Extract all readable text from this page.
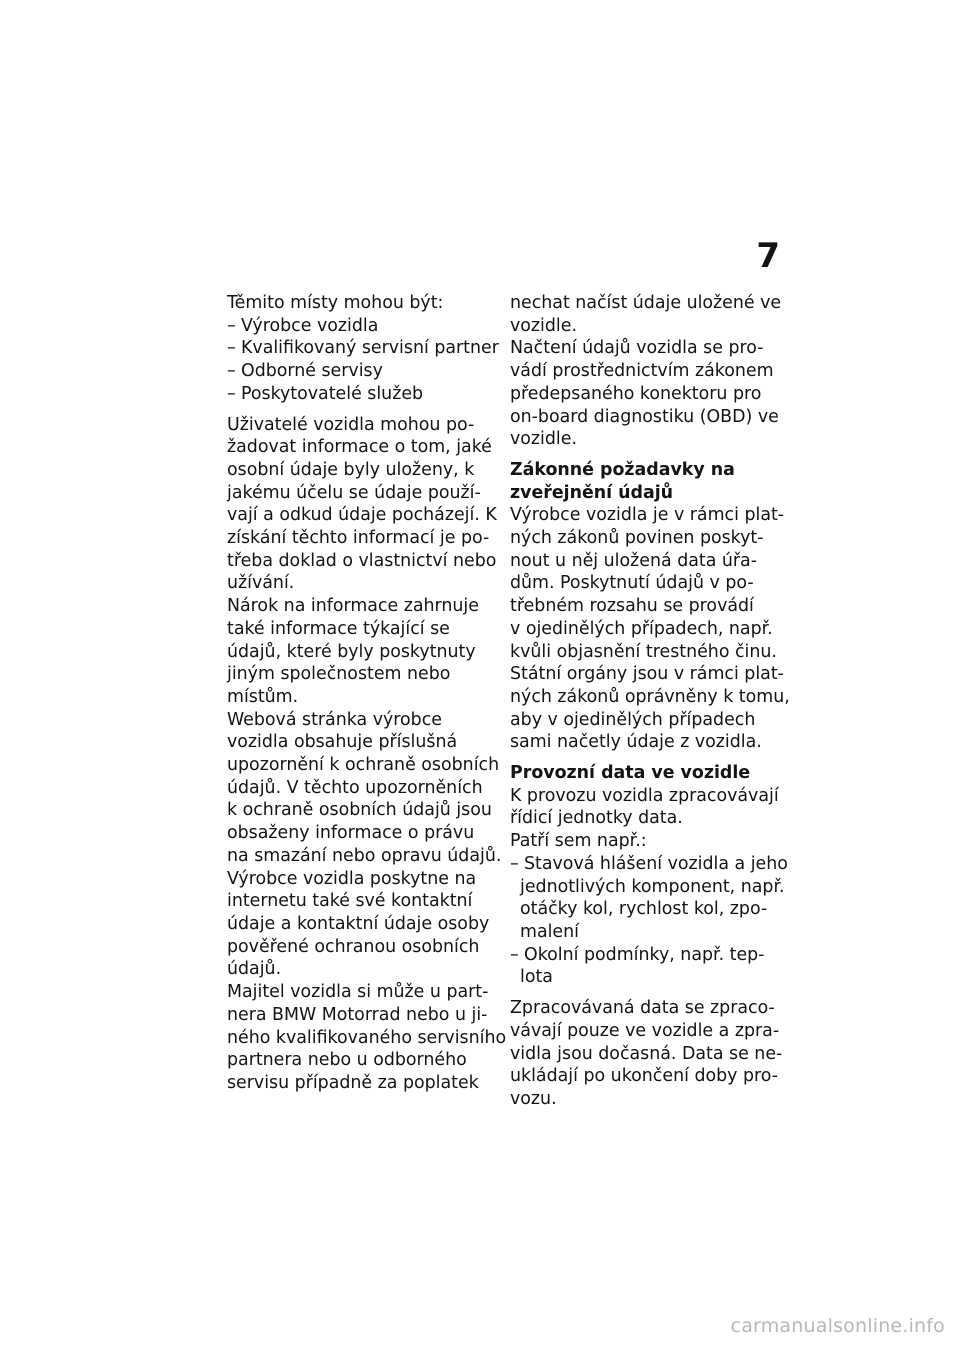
7
Těmito místy mohou být:
– Výrobce vozidla
– Kvalifikovaný servisní partner
– Odborné servisy
– Poskytovatelé služeb
Uživatelé vozidla mohou po-
žadovat informace o tom, jaké
osobní údaje byly uloženy, k
jakému účelu se údaje použí-
vají a odkud údaje pocházejí. K
získání těchto informací je po-
třeba doklad o vlastnictví nebo
užívání.
Nárok na informace zahrnuje
také informace týkající se
údajů, které byly poskytnuty
jiným společnostem nebo
místům.
Webová stránka výrobce
vozidla obsahuje příslušná
upozornění k ochraně osobních
údajů. V těchto upozorněních
k ochraně osobních údajů jsou
obsaženy informace o právu
na smazání nebo opravu údajů.
Výrobce vozidla poskytne na
internetu také své kontaktní
údaje a kontaktní údaje osoby
pověřené ochranou osobních
údajů.
Majitel vozidla si může u part-
nera BMW Motorrad nebo u ji-
ného kvalifikovaného servisního
partnera nebo u odborného
servisu případně za poplatek
nechat načíst údaje uložené ve
vozidle.
Načtení údajů vozidla se pro-
vádí prostřednictvím zákonem
předepsaného konektoru pro
on-board diagnostiku (OBD) ve
vozidle.
Zákonné požadavky na
zveřejnění údajů
Výrobce vozidla je v rámci plat-
ných zákonů povinen poskyt-
nout u něj uložená data úřa-
dům. Poskytnutí údajů v po-
třebném rozsahu se provádí
v ojedinělých případech, např.
kvůli objasnění trestného činu.
Státní orgány jsou v rámci plat-
ných zákonů oprávněny k tomu,
aby v ojedinělých případech
sami načetly údaje z vozidla.
Provozní data ve vozidle
K provozu vozidla zpracovávají
řídicí jednotky data.
Patří sem např.:
– Stavová hlášení vozidla a jeho
jednotlivých komponent, např.
otáčky kol, rychlost kol, zpo-
malení
– Okolní podmínky, např. tep-
lota
Zpracovávaná data se zpraco-
vávají pouze ve vozidle a zpra-
vidla jsou dočasná. Data se ne-
ukládají po ukončení doby pro-
vozu.
carmanualsonline.info
